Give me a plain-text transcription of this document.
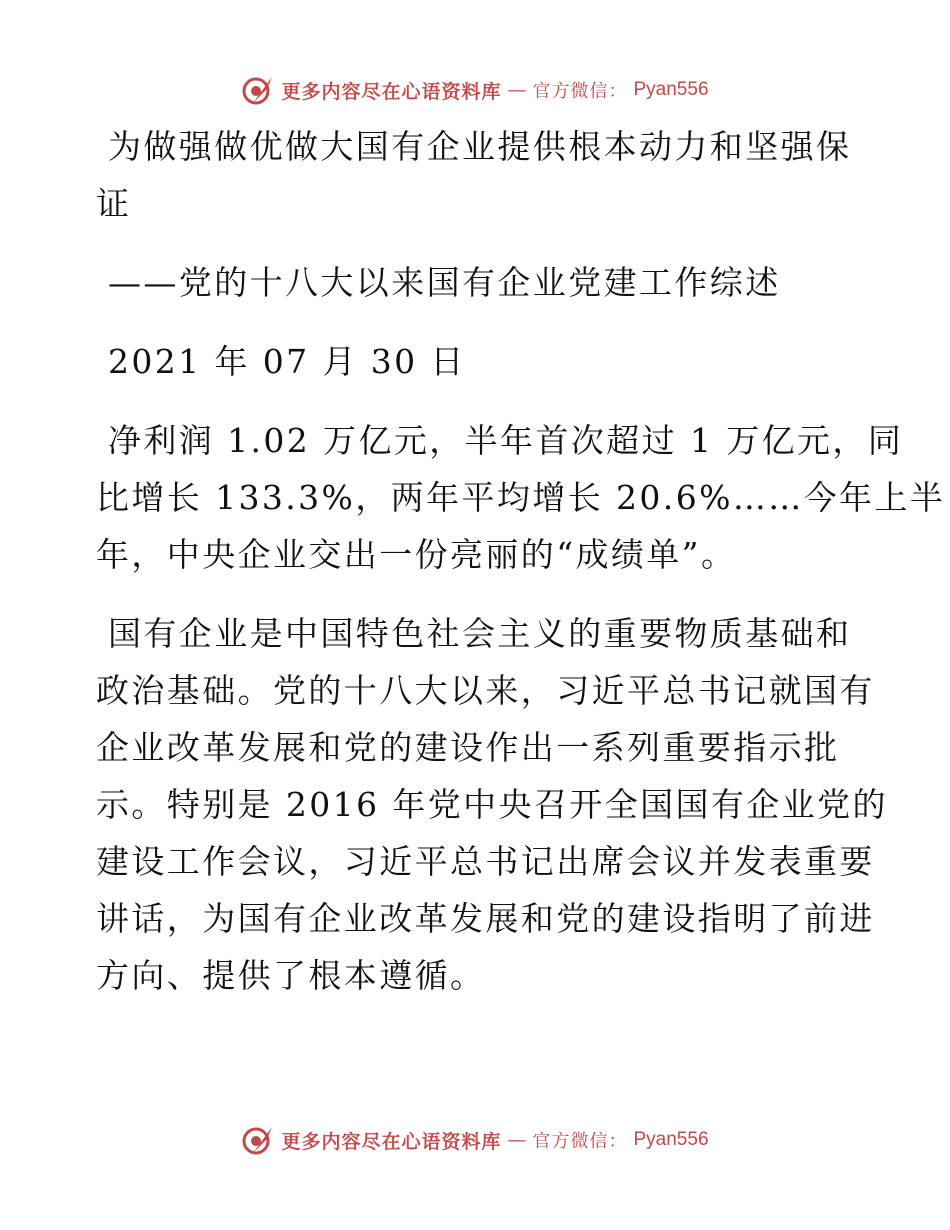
更多内容尽在心语资料库 — 官方微信： Pyan556

为做强做优做大国有企业提供根本动力和坚强保

证

——党的十八大以来国有企业党建工作综述

2021 年 07 月 30 日

净利润 1.02 万亿元，半年首次超过 1 万亿元，同

比增长 133.3%，两年平均增长 20.6%……今年上半

年，中央企业交出一份亮丽的“成绩单”。

国有企业是中国特色社会主义的重要物质基础和

政治基础。党的十八大以来，习近平总书记就国有

企业改革发展和党的建设作出一系列重要指示批

示。特别是 2016 年党中央召开全国国有企业党的

建设工作会议，习近平总书记出席会议并发表重要

讲话，为国有企业改革发展和党的建设指明了前进

方向、提供了根本遵循。

更多内容尽在心语资料库 — 官方微信： Pyan556
